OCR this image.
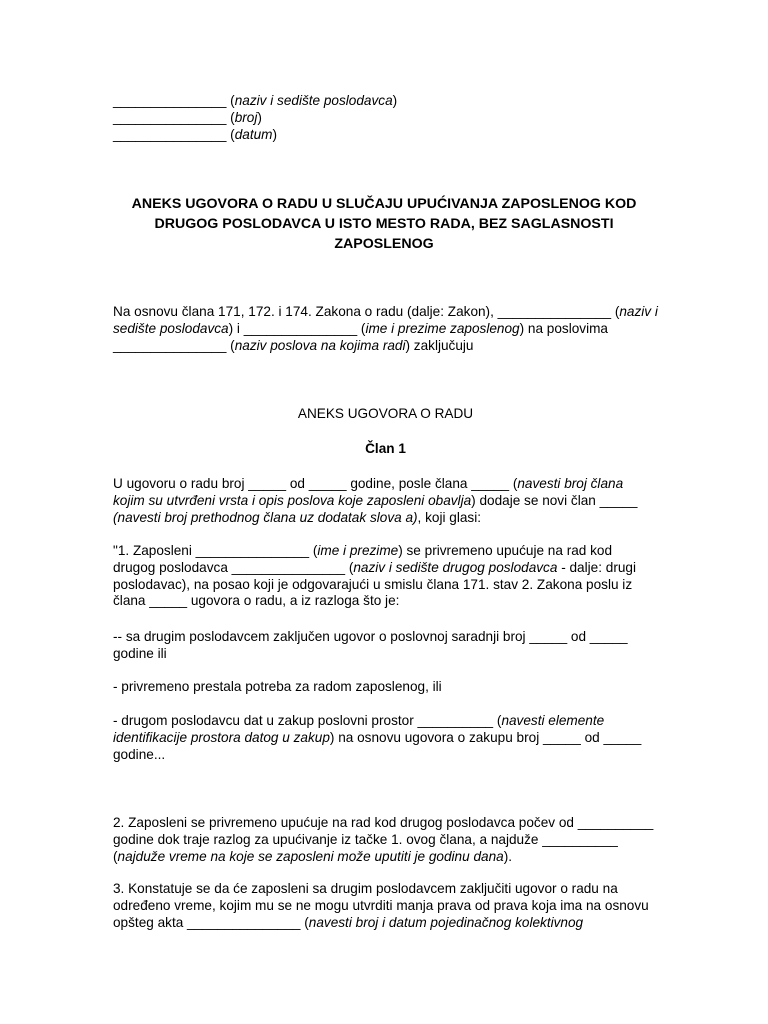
_______________ (naziv i sedište poslodavca)

_______________ (broj)

_______________ (datum)

ANEKS UGOVORA O RADU U SLUČAJU UPUĆIVANJA ZAPOSLENOG KOD
DRUGOG POSLODAVCA U ISTO MESTO RADA, BEZ SAGLASNOSTI
ZAPOSLENOG

Na osnovu člana 171, 172. i 174. Zakona o radu (dalje: Zakon), _______________ (naziv i sedište poslodavca) i _______________ (ime i prezime zaposlenog) na poslovima _______________ (naziv poslova na kojima radi) zaključuju

ANEKS UGOVORA O RADU

Član 1

U ugovoru o radu broj _____ od _____ godine, posle člana _____ (navesti broj člana kojim su utvrđeni vrsta i opis poslova koje zaposleni obavlja) dodaje se novi član _____ (navesti broj prethodnog člana uz dodatak slova a), koji glasi:

"1. Zaposleni _______________ (ime i prezime) se privremeno upućuje na rad kod drugog poslodavca _______________ (naziv i sedište drugog poslodavca - dalje: drugi poslodavac), na posao koji je odgovarajući u smislu člana 171. stav 2. Zakona poslu iz člana _____ ugovora o radu, a iz razloga što je:

-- sa drugim poslodavcem zaključen ugovor o poslovnoj saradnji broj _____ od _____ godine ili

- privremeno prestala potreba za radom zaposlenog, ili

- drugom poslodavcu dat u zakup poslovni prostor __________ (navesti elemente identifikacije prostora datog u zakup) na osnovu ugovora o zakupu broj _____ od _____ godine...

2. Zaposleni se privremeno upućuje na rad kod drugog poslodavca počev od __________ godine dok traje razlog za upućivanje iz tačke 1. ovog člana, a najduže __________ (najduže vreme na koje se zaposleni može uputiti je godinu dana).

3. Konstatuje se da će zaposleni sa drugim poslodavcem zaključiti ugovor o radu na određeno vreme, kojim mu se ne mogu utvrditi manja prava od prava koja ima na osnovu opšteg akta _______________ (navesti broj i datum pojedinačnog kolektivnog
